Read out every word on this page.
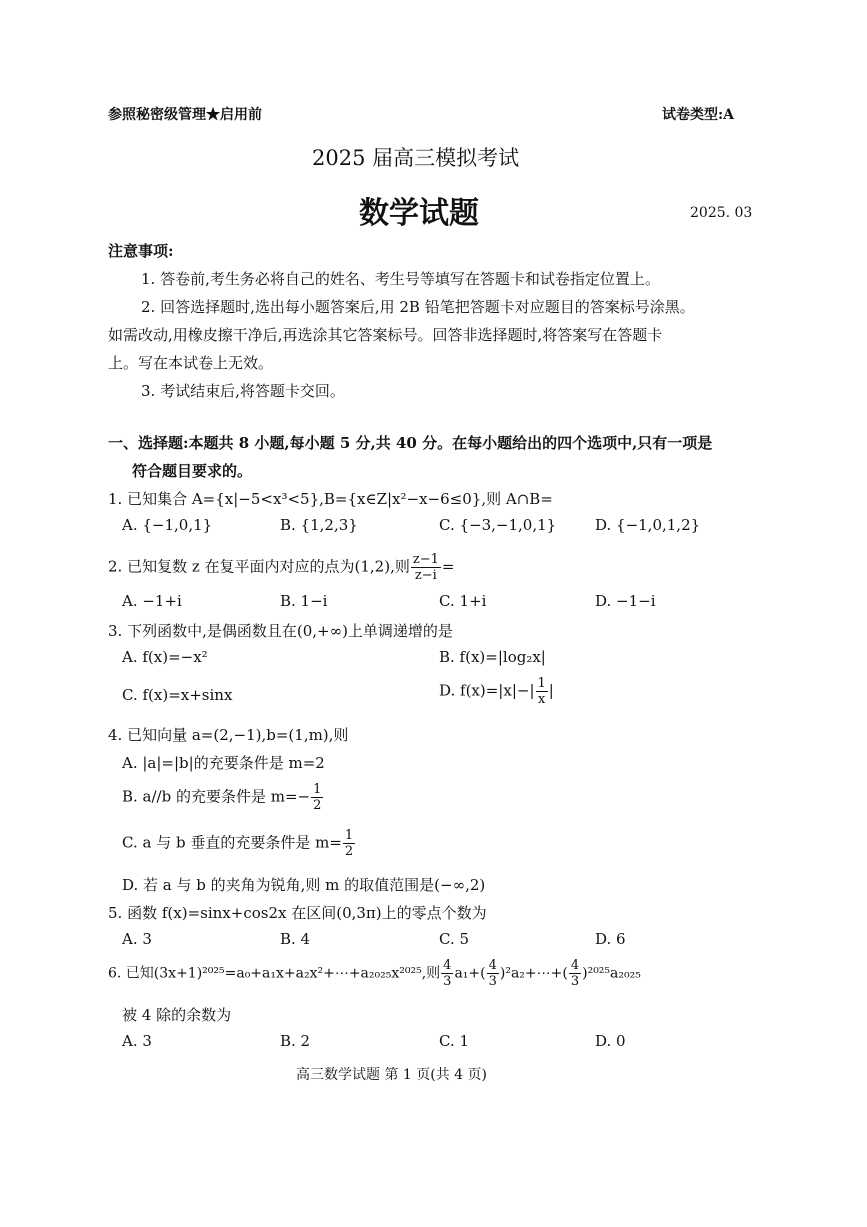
参照秘密级管理★启用前	试卷类型:A
2025 届高三模拟考试
数学试题	2025. 03
注意事项:
1. 答卷前,考生务必将自己的姓名、考生号等填写在答题卡和试卷指定位置上。
2. 回答选择题时,选出每小题答案后,用 2B 铅笔把答题卡对应题目的答案标号涂黑。
如需改动,用橡皮擦干净后,再选涂其它答案标号。回答非选择题时,将答案写在答题卡
上。写在本试卷上无效。
3. 考试结束后,将答题卡交回。
一、选择题:本题共 8 小题,每小题 5 分,共 40 分。在每小题给出的四个选项中,只有一项是
符合题目要求的。
1. 已知集合 A={x|−5<x³<5},B={x∈Z|x²−x−6≤0},则 A∩B=
A. {−1,0,1}	B. {1,2,3}	C. {−3,−1,0,1}	D. {−1,0,1,2}
2. 已知复数 z 在复平面内对应的点为(1,2),则 $\frac{z-1}{z-i}$ =
A. −1+i	B. 1−i	C. 1+i	D. −1−i
3. 下列函数中,是偶函数且在(0,+∞)上单调递增的是
A. f(x)=−x²	B. f(x)=|log₂x|
C. f(x)=x+sinx	D. $f(x)=|x|-| \frac{1}{x}$ |
4. 已知向量 a=(2,−1),b=(1,m),则
A. |a|=|b|的充要条件是 m=2
B. a//b 的充要条件是 $m=- \frac{1}{2}$
C. a 与 b 垂直的充要条件是 $m= \frac{1}{2}$
D. 若 a 与 b 的夹角为锐角,则 m 的取值范围是(−∞,2)
5. 函数 f(x)=sinx+cos2x 在区间(0,3π)上的零点个数为
A. 3	B. 4	C. 5	D. 6
6. 已知(3x+1)²⁰²⁵=a₀+a₁x+a₂x²+⋯+a₂₀₂₅x²⁰²⁵,则 $\frac{4}{3} a_1+( \frac{4}{3}$ )²a₂+⋯+( $\frac{4}{3} )^{2025}a_{2025}$
被 4 除的余数为
A. 3	B. 2	C. 1	D. 0
高三数学试题 第 1 页(共 4 页)
